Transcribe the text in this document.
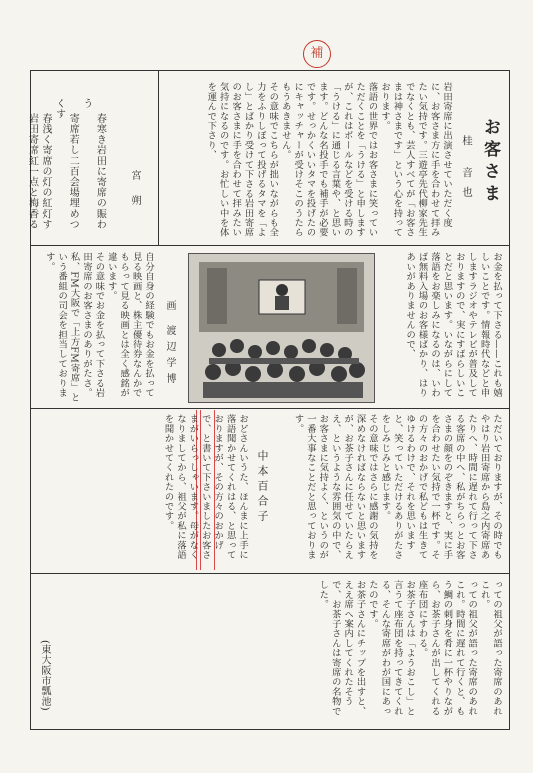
補
お客さま
桂 音也
岩田寄席に出演させていただく度に、お客さま方に手を合わせて拝みたい気持です。三遊亭先代柳家先生でなくとも、芸人すべてが「お客さまは神さまです」という心を持っております。
落語の世界ではお客さまに笑っていただくことを「うける」と申しますが、これはボールなどを受ける時の「うける」に通じる言葉や、と思います。どんな名投手でも補手が必要です。せっかくいいタマを投げたのにキャッチャーが受けそこのうたらもうあきません。
その意味でこちらが拙いながらも全力をふりしぼって投げるタマを「よし」とばかり受けて下さる岩田寄席のお客さまに手を合わせて拝みたい気持になるのです。お忙しい中を体を運んで下さり、

春寒き岩田に寄席の賑わう
寄席若し二百会場埋めつくす
春浅く寄席の灯の紅灯す
岩田寄席紅一点と梅香る
	宮 朔
お金を払って下さる——これも嬉しいことです。情報時代などと申しますラジオやテレビが普及しておりますので、実にすばらしいことだと思います。いながらにして落語をお楽しみになるのは、いわば無料入場のお客様ばかり、はりあいがありませんので、
画 渡辺学博
自分自身の経験でもお金を払って見る映画と、株主優待券なんかでもらって見る映画とは全く感銘が違います。
その意味でお金を払って下さる岩田寄席のお客さまのありがたさ。
私、FM大阪で「上方FM寄席」という番組の司会を担当しております。
ただいておりますが、その時でもやはり岩田寄席から島之内寄席あたりへ、時間に遅れて行って下さる客席の中へ、私がちらっとお客さまの顔をのぞきますと、実に手を合わせたい気持で一杯です。その方々のおかげで私どもは生きてゆけるわけで、それを思いますと、笑っていただけるありがたさをしみじみと感じます。
その意味ではさらに感謝の気持を深めなければならないと思いますが、お茶子さんに任せていたらええ、というような雰囲気の中で、お客さまに気持よく、というのが一番大事なことだと思っております。
中本百合子
おどさんいうた、ほんまに上手に落語聞かせてくれはる、と思っておりますが、その方々のおかげで、と書いて下さいましたお客さまがいらっしゃいます。母がなくなりましてから、祖父が私に落語を聞かせてくれたのです。
っての祖父が語った寄席のあれこれ。
っての祖父が語った寄席のあれこれ。時間に遅れて行くと、もう鯛の刺身を肴に一杯やりながら、お茶子さんが出してくれる座布団にすわる。
お茶子さんは「ようおこし」と言うて座布団を持ってきてくれる、そんな寄席がわが国にあったのです。
お茶子さんにチップを出すと、ええ席へ案内してくれたそうで、お茶子さんは寄席の名物でした。
(東大阪市瓢池)
